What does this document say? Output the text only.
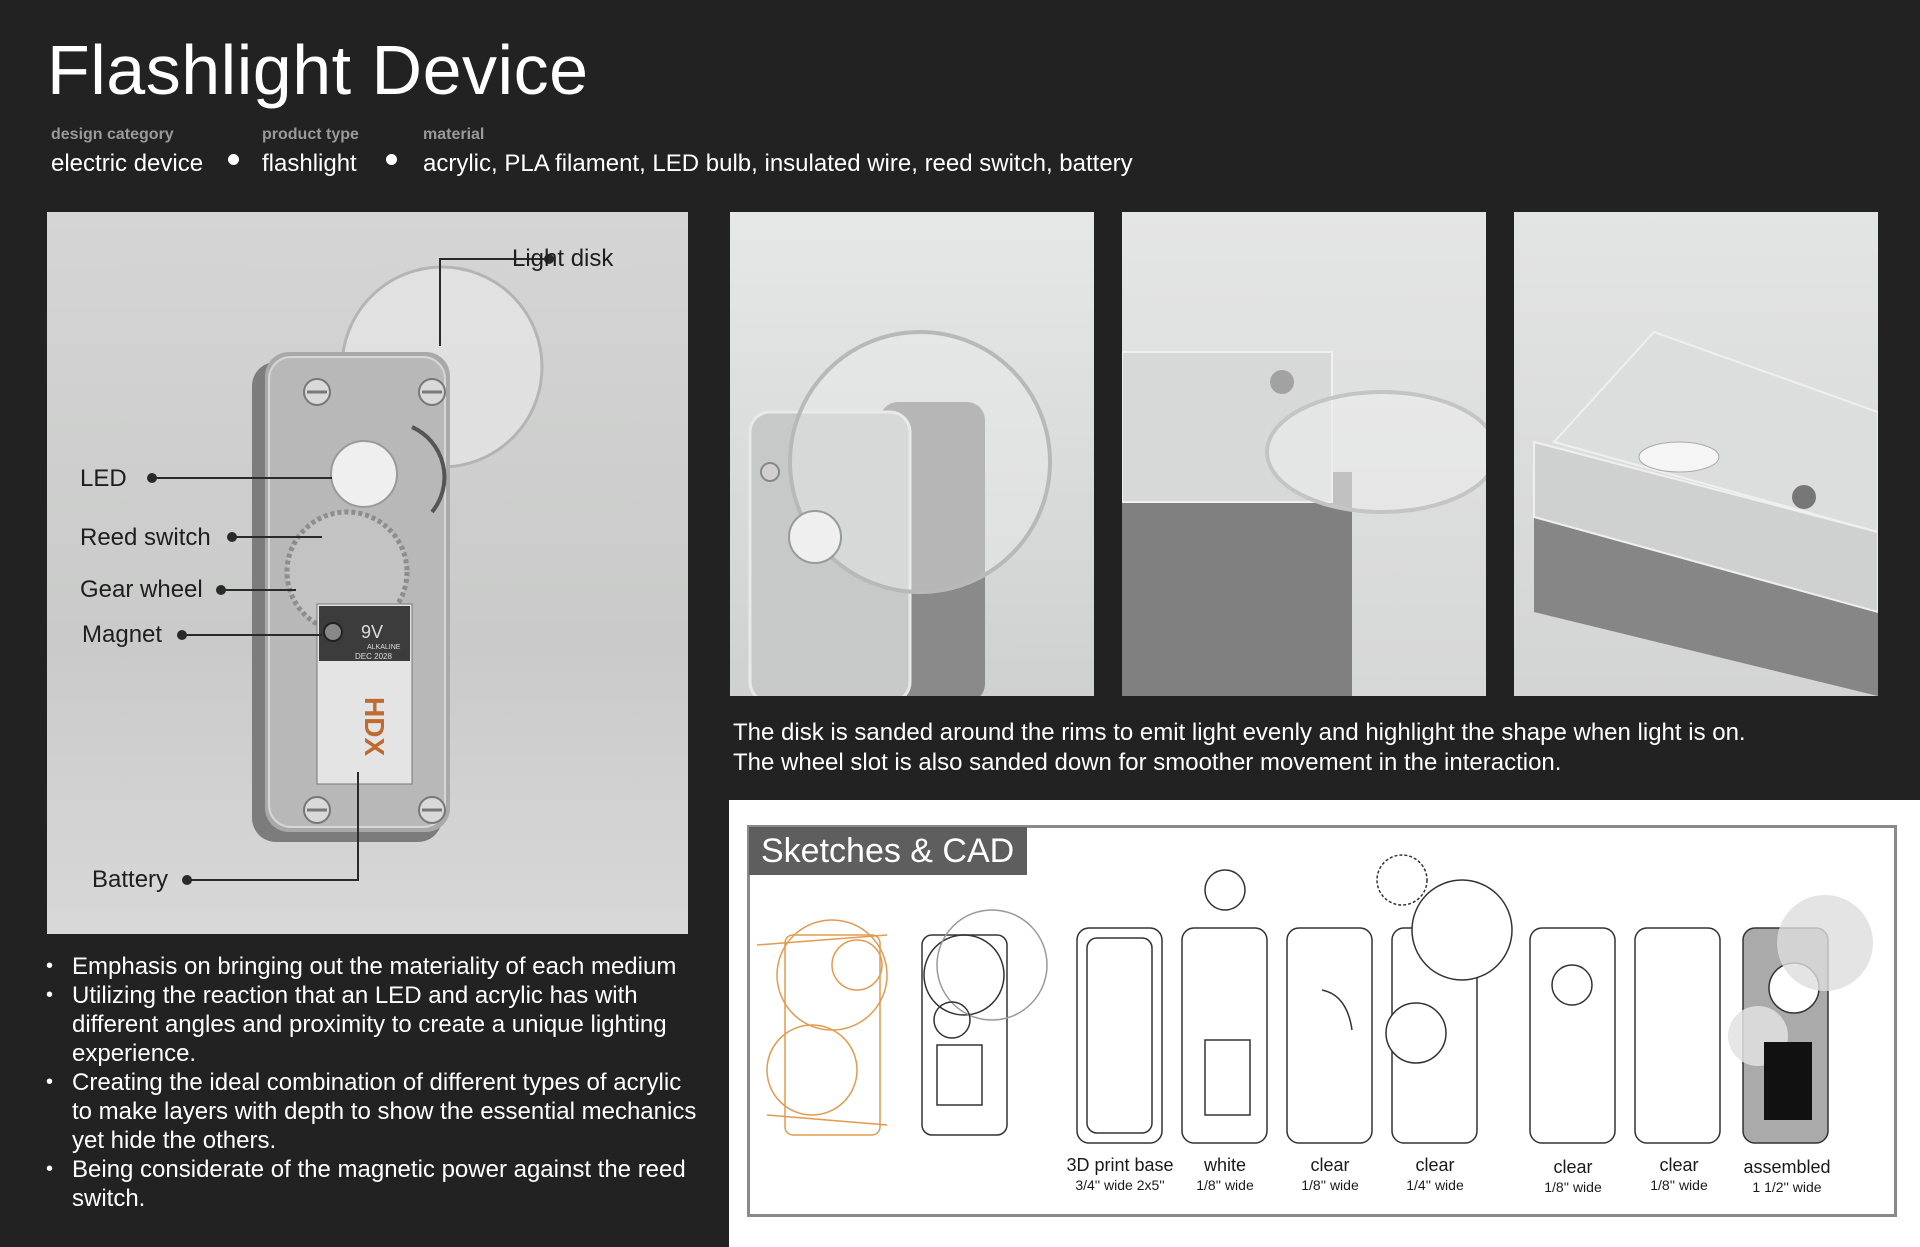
Flashlight Device
design category
electric device
product type
flashlight
material
acrylic, PLA filament, LED bulb, insulated wire, reed switch, battery
9V
ALKALINE
DEC 2028
HDX
Light disk
LED
Reed switch
Gear wheel
Magnet
Battery
The disk is sanded around the rims to emit light evenly and highlight the shape when light is on.
The wheel slot is also sanded down for smoother movement in the interaction.
• Emphasis on bringing out the materiality of each medium
• Utilizing the reaction that an LED and acrylic has with different angles and proximity to create a unique lighting experience.
• Creating the ideal combination of different types of acrylic to make layers with depth to show the essential mechanics yet hide the others.
• Being considerate of the magnetic power against the reed switch.
Sketches & CAD
3D print base
3/4'' wide 2x5''
white
1/8'' wide
clear
1/8'' wide
clear
1/4'' wide
clear
1/8'' wide
clear
1/8'' wide
assembled
1 1/2'' wide
